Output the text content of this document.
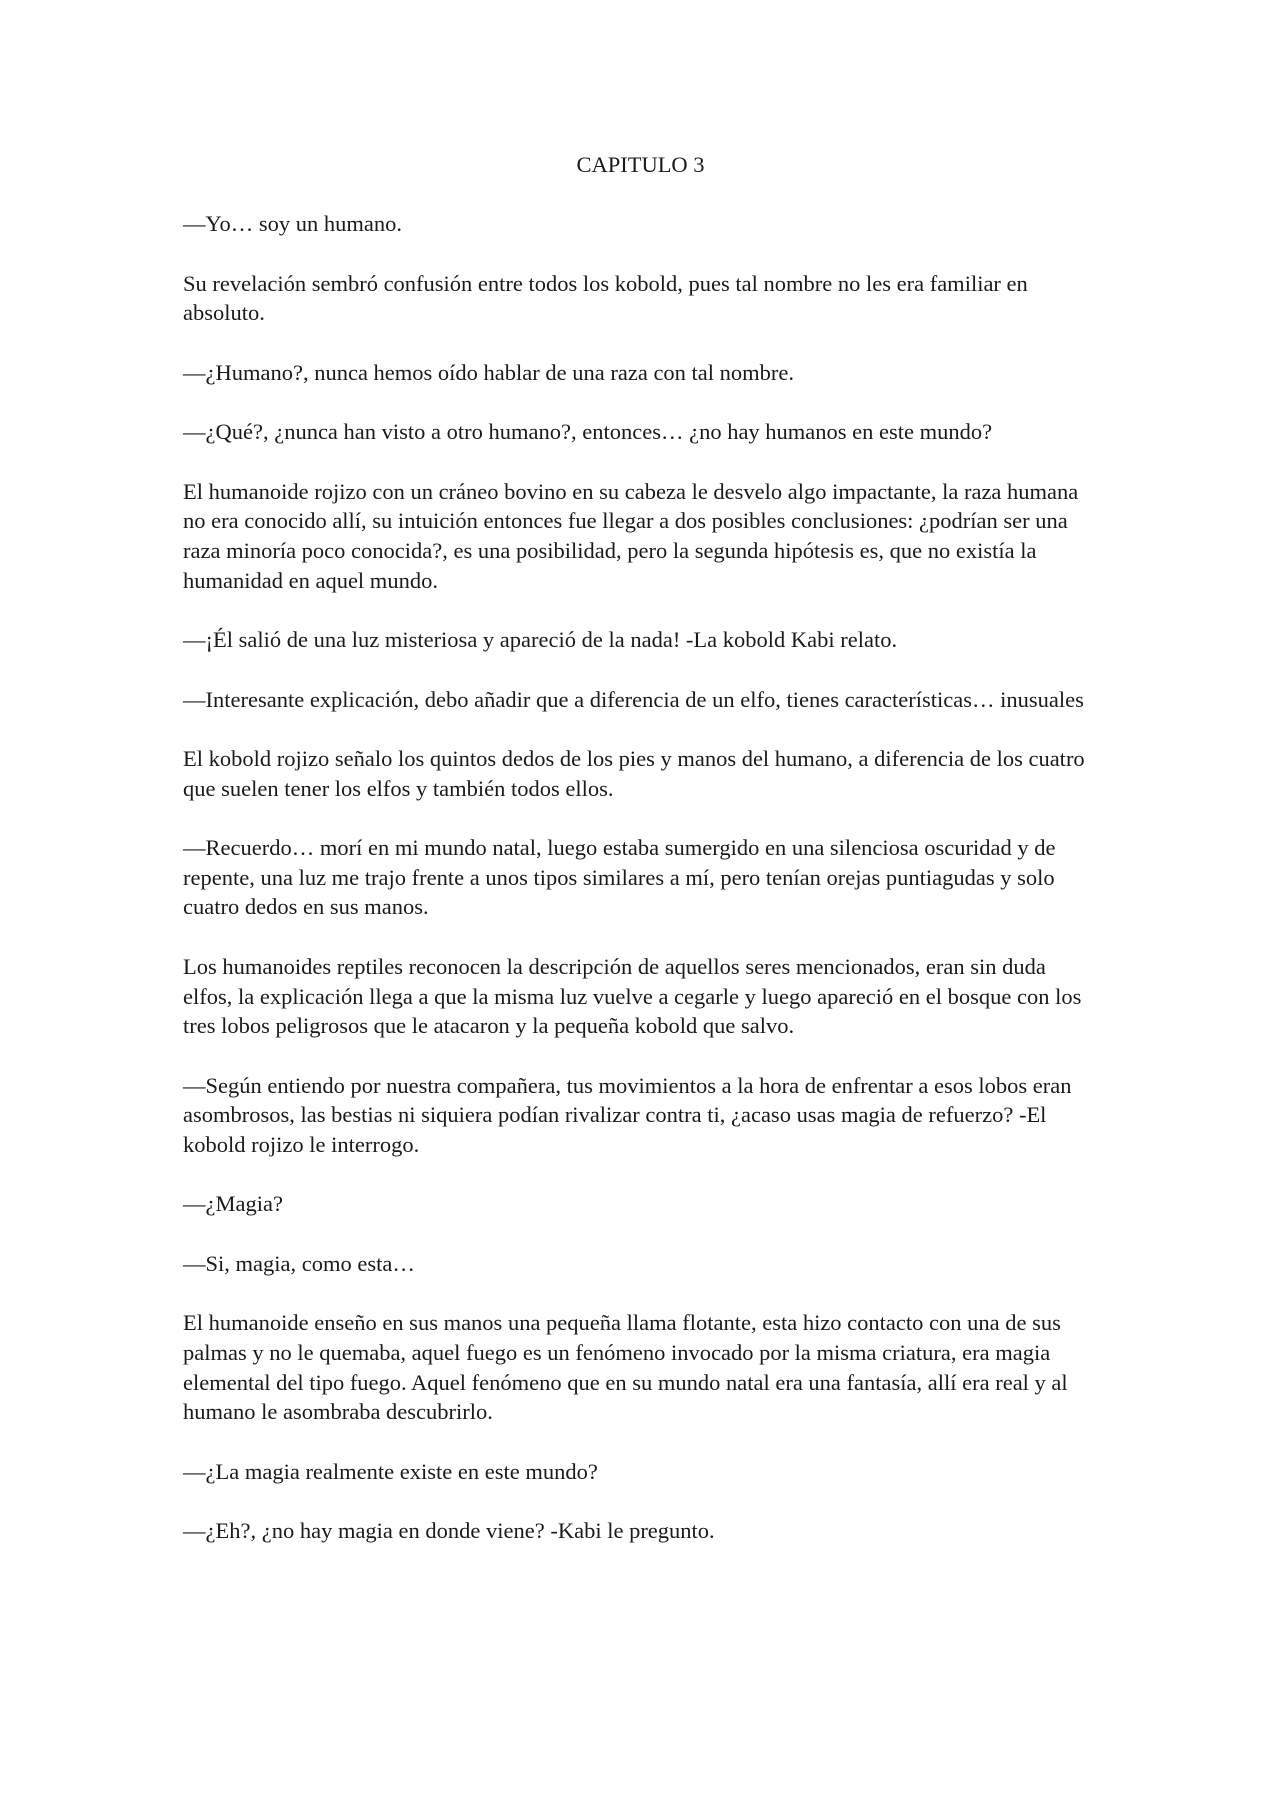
CAPITULO 3

—Yo… soy un humano.

Su revelación sembró confusión entre todos los kobold, pues tal nombre no les era familiar en absoluto.

—¿Humano?, nunca hemos oído hablar de una raza con tal nombre.

—¿Qué?, ¿nunca han visto a otro humano?, entonces… ¿no hay humanos en este mundo?

El humanoide rojizo con un cráneo bovino en su cabeza le desvelo algo impactante, la raza humana no era conocido allí, su intuición entonces fue llegar a dos posibles conclusiones: ¿podrían ser una raza minoría poco conocida?, es una posibilidad, pero la segunda hipótesis es, que no existía la humanidad en aquel mundo.

—¡Él salió de una luz misteriosa y apareció de la nada! -La kobold Kabi relato.

—Interesante explicación, debo añadir que a diferencia de un elfo, tienes características… inusuales

El kobold rojizo señalo los quintos dedos de los pies y manos del humano, a diferencia de los cuatro que suelen tener los elfos y también todos ellos.

—Recuerdo… morí en mi mundo natal, luego estaba sumergido en una silenciosa oscuridad y de repente, una luz me trajo frente a unos tipos similares a mí, pero tenían orejas puntiagudas y solo cuatro dedos en sus manos.

Los humanoides reptiles reconocen la descripción de aquellos seres mencionados, eran sin duda elfos, la explicación llega a que la misma luz vuelve a cegarle y luego apareció en el bosque con los tres lobos peligrosos que le atacaron y la pequeña kobold que salvo.

—Según entiendo por nuestra compañera, tus movimientos a la hora de enfrentar a esos lobos eran asombrosos, las bestias ni siquiera podían rivalizar contra ti, ¿acaso usas magia de refuerzo? -El kobold rojizo le interrogo.

—¿Magia?

—Si, magia, como esta…

El humanoide enseño en sus manos una pequeña llama flotante, esta hizo contacto con una de sus palmas y no le quemaba, aquel fuego es un fenómeno invocado por la misma criatura, era magia elemental del tipo fuego. Aquel fenómeno que en su mundo natal era una fantasía, allí era real y al humano le asombraba descubrirlo.

—¿La magia realmente existe en este mundo?

—¿Eh?, ¿no hay magia en donde viene? -Kabi le pregunto.
